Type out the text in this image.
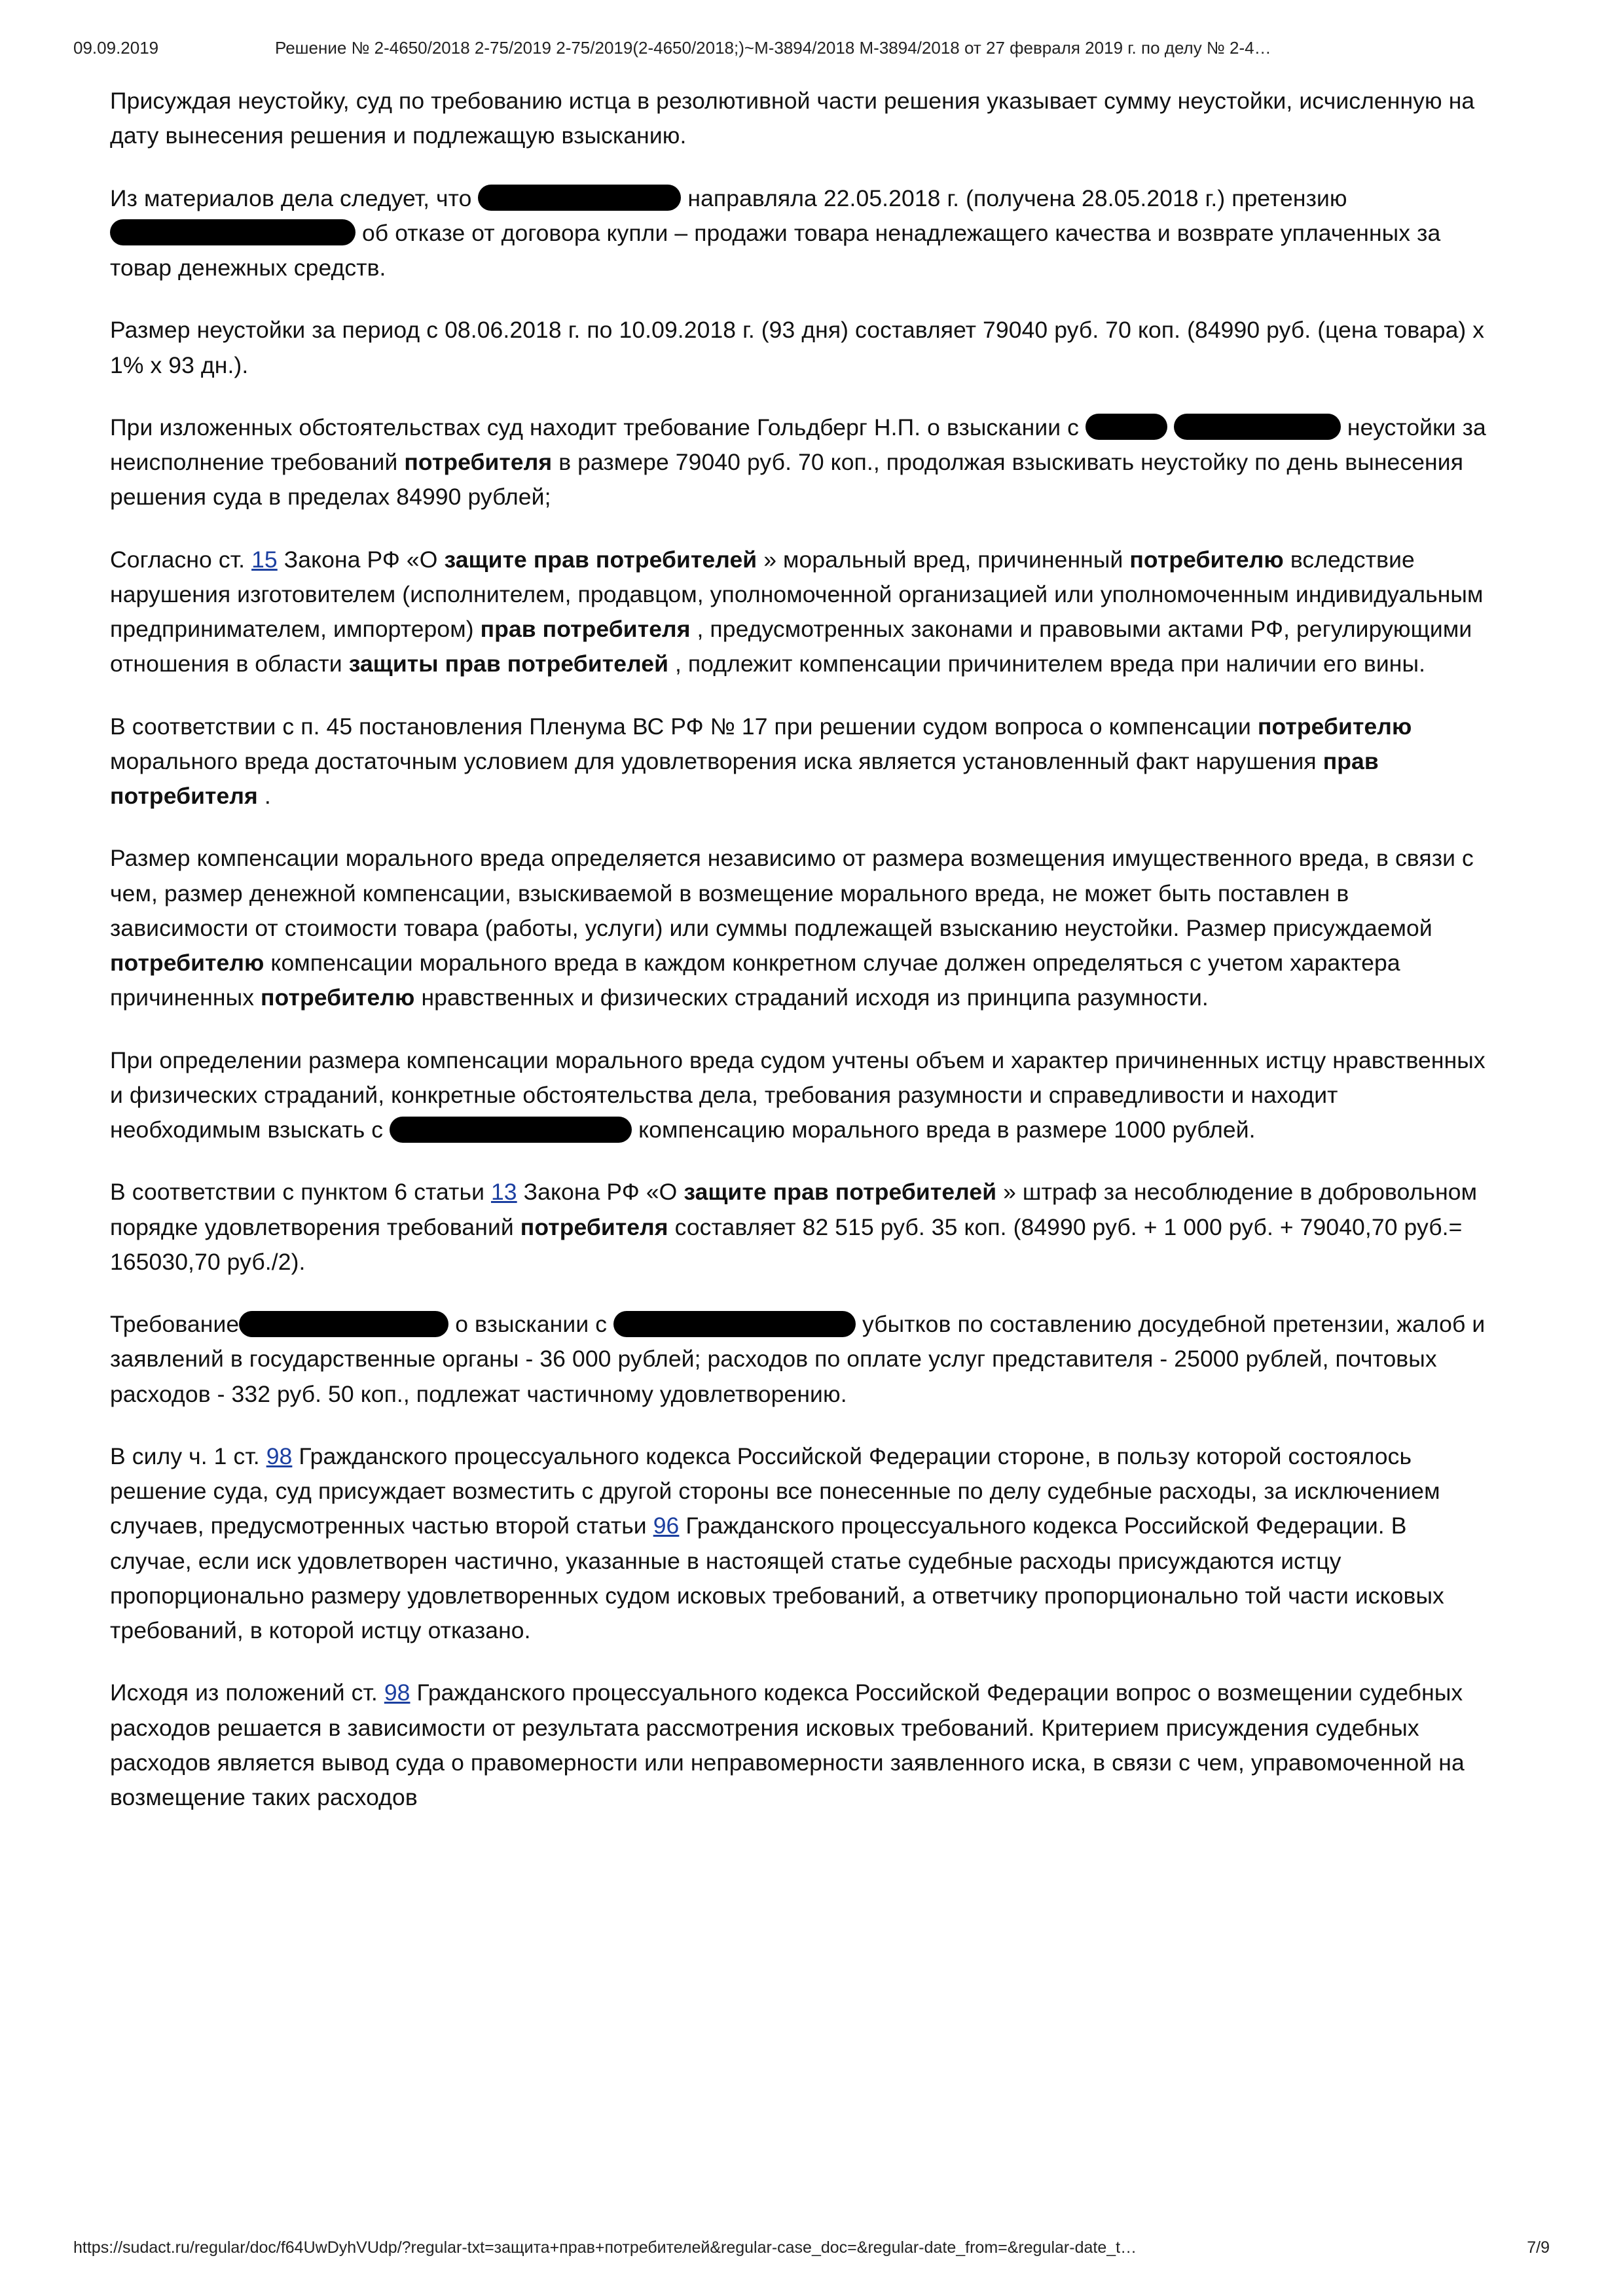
09.09.2019	Решение № 2-4650/2018 2-75/2019 2-75/2019(2-4650/2018;)~М-3894/2018 М-3894/2018 от 27 февраля 2019 г. по делу № 2-4…

Присуждая неустойку, суд по требованию истца в резолютивной части решения указывает сумму неустойки, исчисленную на дату вынесения решения и подлежащую взысканию.

Из материалов дела следует, что	направляла 22.05.2018 г. (получена 28.05.2018 г.) претензию  об отказе от договора купли – продажи товара ненадлежащего качества и возврате уплаченных за товар денежных средств.

Размер неустойки за период с 08.06.2018 г. по 10.09.2018 г. (93 дня) составляет 79040 руб. 70 коп. (84990 руб. (цена товара) х 1% х 93 дн.).

При изложенных обстоятельствах суд находит требование Гольдберг Н.П. о взыскании с	неустойки за неисполнение требований потребителя в размере 79040 руб. 70 коп., продолжая взыскивать неустойку по день вынесения решения суда в пределах 84990 рублей;

Согласно ст. 15 Закона РФ «О защите прав потребителей » моральный вред, причиненный потребителю вследствие нарушения изготовителем (исполнителем, продавцом, уполномоченной организацией или уполномоченным индивидуальным предпринимателем, импортером) прав потребителя , предусмотренных законами и правовыми актами РФ, регулирующими отношения в области защиты прав потребителей , подлежит компенсации причинителем вреда при наличии его вины.

В соответствии с п. 45 постановления Пленума ВС РФ № 17 при решении судом вопроса о компенсации потребителю морального вреда достаточным условием для удовлетворения иска является установленный факт нарушения прав потребителя .

Размер компенсации морального вреда определяется независимо от размера возмещения имущественного вреда, в связи с чем, размер денежной компенсации, взыскиваемой в возмещение морального вреда, не может быть поставлен в зависимости от стоимости товара (работы, услуги) или суммы подлежащей взысканию неустойки. Размер присуждаемой потребителю компенсации морального вреда в каждом конкретном случае должен определяться с учетом характера причиненных потребителю нравственных и физических страданий исходя из принципа разумности.

При определении размера компенсации морального вреда судом учтены объем и характер причиненных истцу нравственных и физических страданий, конкретные обстоятельства дела, требования разумности и справедливости и находит необходимым взыскать с	компенсацию морального вреда в размере 1000 рублей.

В соответствии с пунктом 6 статьи 13 Закона РФ «О защите прав потребителей » штраф за несоблюдение в добровольном порядке удовлетворения требований потребителя составляет 82 515 руб. 35 коп. (84990 руб. + 1 000 руб. + 79040,70 руб.= 165030,70 руб./2).

Требование	о взыскании с	убытков по составлению досудебной претензии, жалоб и заявлений в государственные органы - 36 000 рублей; расходов по оплате услуг представителя - 25000 рублей, почтовых расходов - 332 руб. 50 коп., подлежат частичному удовлетворению.

В силу ч. 1 ст. 98 Гражданского процессуального кодекса Российской Федерации стороне, в пользу которой состоялось решение суда, суд присуждает возместить с другой стороны все понесенные по делу судебные расходы, за исключением случаев, предусмотренных частью второй статьи 96 Гражданского процессуального кодекса Российской Федерации. В случае, если иск удовлетворен частично, указанные в настоящей статье судебные расходы присуждаются истцу пропорционально размеру удовлетворенных судом исковых требований, а ответчику пропорционально той части исковых требований, в которой истцу отказано.

Исходя из положений ст. 98 Гражданского процессуального кодекса Российской Федерации вопрос о возмещении судебных расходов решается в зависимости от результата рассмотрения исковых требований. Критерием присуждения судебных расходов является вывод суда о правомерности или неправомерности заявленного иска, в связи с чем, управомоченной на возмещение таких расходов

https://sudact.ru/regular/doc/f64UwDyhVUdp/?regular-txt=защита+прав+потребителей&regular-case_doc=&regular-date_from=&regular-date_t…	7/9
